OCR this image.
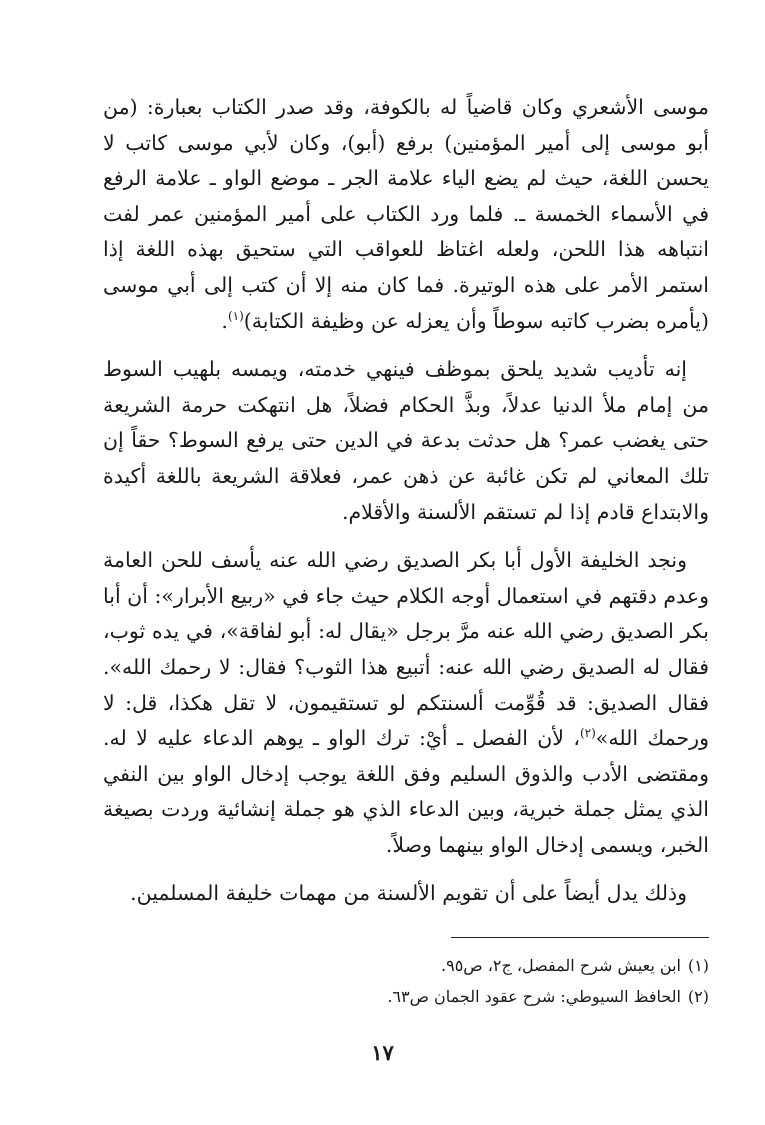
موسى الأشعري وكان قاضياً له بالكوفة، وقد صدر الكتاب بعبارة: (من أبو موسى إلى أمير المؤمنين) برفع (أبو)، وكان لأبي موسى كاتب لا يحسن اللغة، حيث لم يضع الياء علامة الجر ـ موضع الواو ـ علامة الرفع في الأسماء الخمسة ـ. فلما ورد الكتاب على أمير المؤمنين عمر لفت انتباهه هذا اللحن، ولعله اغتاظ للعواقب التي ستحيق بهذه اللغة إذا استمر الأمر على هذه الوتيرة. فما كان منه إلا أن كتب إلى أبي موسى (يأمره بضرب كاتبه سوطاً وأن يعزله عن وظيفة الكتابة)$^{(١)}$.

إنه تأديب شديد يلحق بموظف فينهي خدمته، ويمسه بلهيب السوط من إمام ملأ الدنيا عدلاً، وبذَّ الحكام فضلاً، هل انتهكت حرمة الشريعة حتى يغضب عمر؟ هل حدثت بدعة في الدين حتى يرفع السوط؟ حقاً إن تلك المعاني لم تكن غائبة عن ذهن عمر، فعلاقة الشريعة باللغة أكيدة والابتداع قادم إذا لم تستقم الألسنة والأقلام.

ونجد الخليفة الأول أبا بكر الصديق رضي الله عنه يأسف للحن العامة وعدم دقتهم في استعمال أوجه الكلام حيث جاء في «ربيع الأبرار»: أن أبا بكر الصديق رضي الله عنه مرَّ برجل «يقال له: أبو لفاقة»، في يده ثوب، فقال له الصديق رضي الله عنه: أتبيع هذا الثوب؟ فقال: لا رحمك الله». فقال الصديق: قد قُوِّمت ألسنتكم لو تستقيمون، لا تقل هكذا، قل: لا ورحمك الله»$^{(٢)}$، لأن الفصل ـ أيْ: ترك الواو ـ يوهم الدعاء عليه لا له. ومقتضى الأدب والذوق السليم وفق اللغة يوجب إدخال الواو بين النفي الذي يمثل جملة خبرية، وبين الدعاء الذي هو جملة إنشائية وردت بصيغة الخبر، ويسمى إدخال الواو بينهما وصلاً.

وذلك يدل أيضاً على أن تقويم الألسنة من مهمات خليفة المسلمين.

(١)ابن يعيش شرح المفصل، ج٢، ص٩٥.

(٢)الحافظ السيوطي: شرح عقود الجمان ص٦٣.

١٧
